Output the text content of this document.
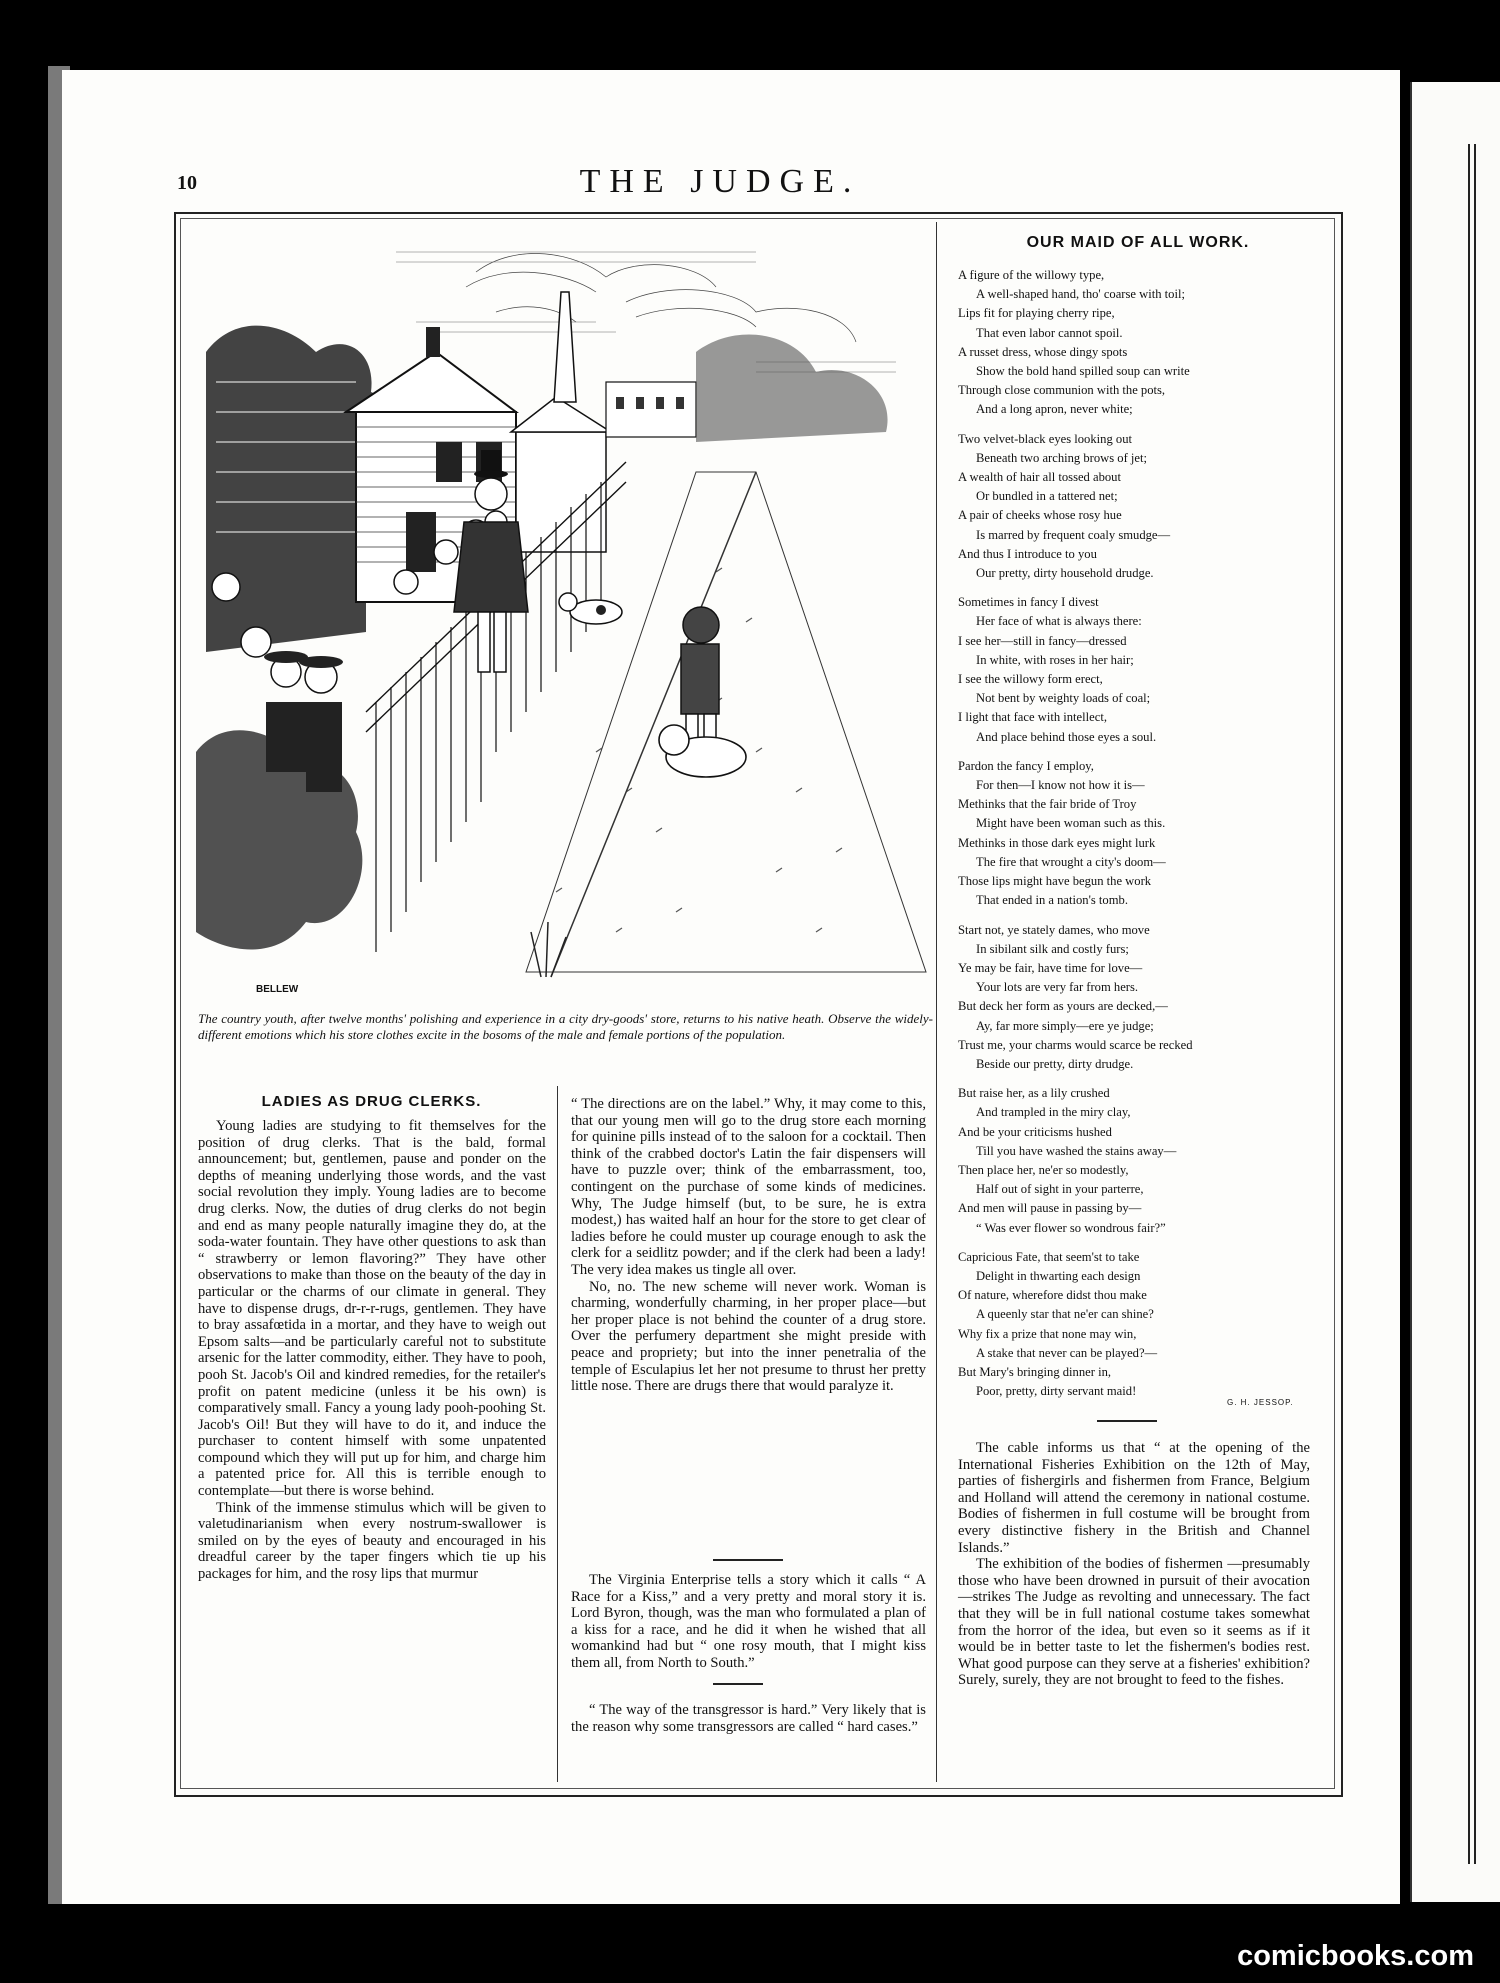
10	THE JUDGE.
BELLEW
The country youth, after twelve months' polishing and experience in a city dry-goods' store, returns to his native heath. Observe the widely-different emotions which his store clothes excite in the bosoms of the male and female portions of the population.
LADIES AS DRUG CLERKS.

Young ladies are studying to fit themselves for the position of drug clerks. That is the bald, formal announcement; but, gentlemen, pause and ponder on the depths of meaning underlying those words, and the vast social revolution they imply. Young ladies are to become drug clerks. Now, the duties of drug clerks do not begin and end as many people naturally imagine they do, at the soda-water fountain. They have other questions to ask than “ strawberry or lemon flavoring?” They have other observations to make than those on the beauty of the day in particular or the charms of our climate in general. They have to dispense drugs, dr-r-r-rugs, gentlemen. They have to bray assafœtida in a mortar, and they have to weigh out Epsom salts—and be particularly careful not to substitute arsenic for the latter commodity, either. They have to pooh, pooh St. Jacob's Oil and kindred remedies, for the retailer's profit on patent medicine (unless it be his own) is comparatively small. Fancy a young lady pooh-poohing St. Jacob's Oil! But they will have to do it, and induce the purchaser to content himself with some unpatented compound which they will put up for him, and charge him a patented price for. All this is terrible enough to contemplate—but there is worse behind.

Think of the immense stimulus which will be given to valetudinarianism when every nostrum-swallower is smiled on by the eyes of beauty and encouraged in his dreadful career by the taper fingers which tie up his packages for him, and the rosy lips that murmur

“ The directions are on the label.” Why, it may come to this, that our young men will go to the drug store each morning for quinine pills instead of to the saloon for a cocktail. Then think of the crabbed doctor's Latin the fair dispensers will have to puzzle over; think of the embarrassment, too, contingent on the purchase of some kinds of medicines. Why, The Judge himself (but, to be sure, he is extra modest,) has waited half an hour for the store to get clear of ladies before he could muster up courage enough to ask the clerk for a seidlitz powder; and if the clerk had been a lady! The very idea makes us tingle all over.

No, no. The new scheme will never work. Woman is charming, wonderfully charming, in her proper place—but her proper place is not behind the counter of a drug store. Over the perfumery department she might preside with peace and propriety; but into the inner penetralia of the temple of Esculapius let her not presume to thrust her pretty little nose. There are drugs there that would paralyze it.

The Virginia Enterprise tells a story which it calls “ A Race for a Kiss,” and a very pretty and moral story it is. Lord Byron, though, was the man who formulated a plan of a kiss for a race, and he did it when he wished that all womankind had but “ one rosy mouth, that I might kiss them all, from North to South.”

“ The way of the transgressor is hard.” Very likely that is the reason why some transgressors are called “ hard cases.”

OUR MAID OF ALL WORK.
A figure of the willowy type,
A well-shaped hand, tho' coarse with toil;
Lips fit for playing cherry ripe,
That even labor cannot spoil.
A russet dress, whose dingy spots
Show the bold hand spilled soup can write
Through close communion with the pots,
And a long apron, never white;
Two velvet-black eyes looking out
Beneath two arching brows of jet;
A wealth of hair all tossed about
Or bundled in a tattered net;
A pair of cheeks whose rosy hue
Is marred by frequent coaly smudge—
And thus I introduce to you
Our pretty, dirty household drudge.
Sometimes in fancy I divest
Her face of what is always there:
I see her—still in fancy—dressed
In white, with roses in her hair;
I see the willowy form erect,
Not bent by weighty loads of coal;
I light that face with intellect,
And place behind those eyes a soul.
Pardon the fancy I employ,
For then—I know not how it is—
Methinks that the fair bride of Troy
Might have been woman such as this.
Methinks in those dark eyes might lurk
The fire that wrought a city's doom—
Those lips might have begun the work
That ended in a nation's tomb.
Start not, ye stately dames, who move
In sibilant silk and costly furs;
Ye may be fair, have time for love—
Your lots are very far from hers.
But deck her form as yours are decked,—
Ay, far more simply—ere ye judge;
Trust me, your charms would scarce be recked
Beside our pretty, dirty drudge.
But raise her, as a lily crushed
And trampled in the miry clay,
And be your criticisms hushed
Till you have washed the stains away—
Then place her, ne'er so modestly,
Half out of sight in your parterre,
And men will pause in passing by—
“ Was ever flower so wondrous fair?”
Capricious Fate, that seem'st to take
Delight in thwarting each design
Of nature, wherefore didst thou make
A queenly star that ne'er can shine?
Why fix a prize that none may win,
A stake that never can be played?—
But Mary's bringing dinner in,
Poor, pretty, dirty servant maid!
G. H. JESSOP.

The cable informs us that “ at the opening of the International Fisheries Exhibition on the 12th of May, parties of fishergirls and fishermen from France, Belgium and Holland will attend the ceremony in national costume. Bodies of fishermen in full costume will be brought from every distinctive fishery in the British and Channel Islands.”

The exhibition of the bodies of fishermen —presumably those who have been drowned in pursuit of their avocation—strikes The Judge as revolting and unnecessary. The fact that they will be in full national costume takes somewhat from the horror of the idea, but even so it seems as if it would be in better taste to let the fishermen's bodies rest. What good purpose can they serve at a fisheries' exhibition? Surely, surely, they are not brought to feed to the fishes.

comicbooks.com
